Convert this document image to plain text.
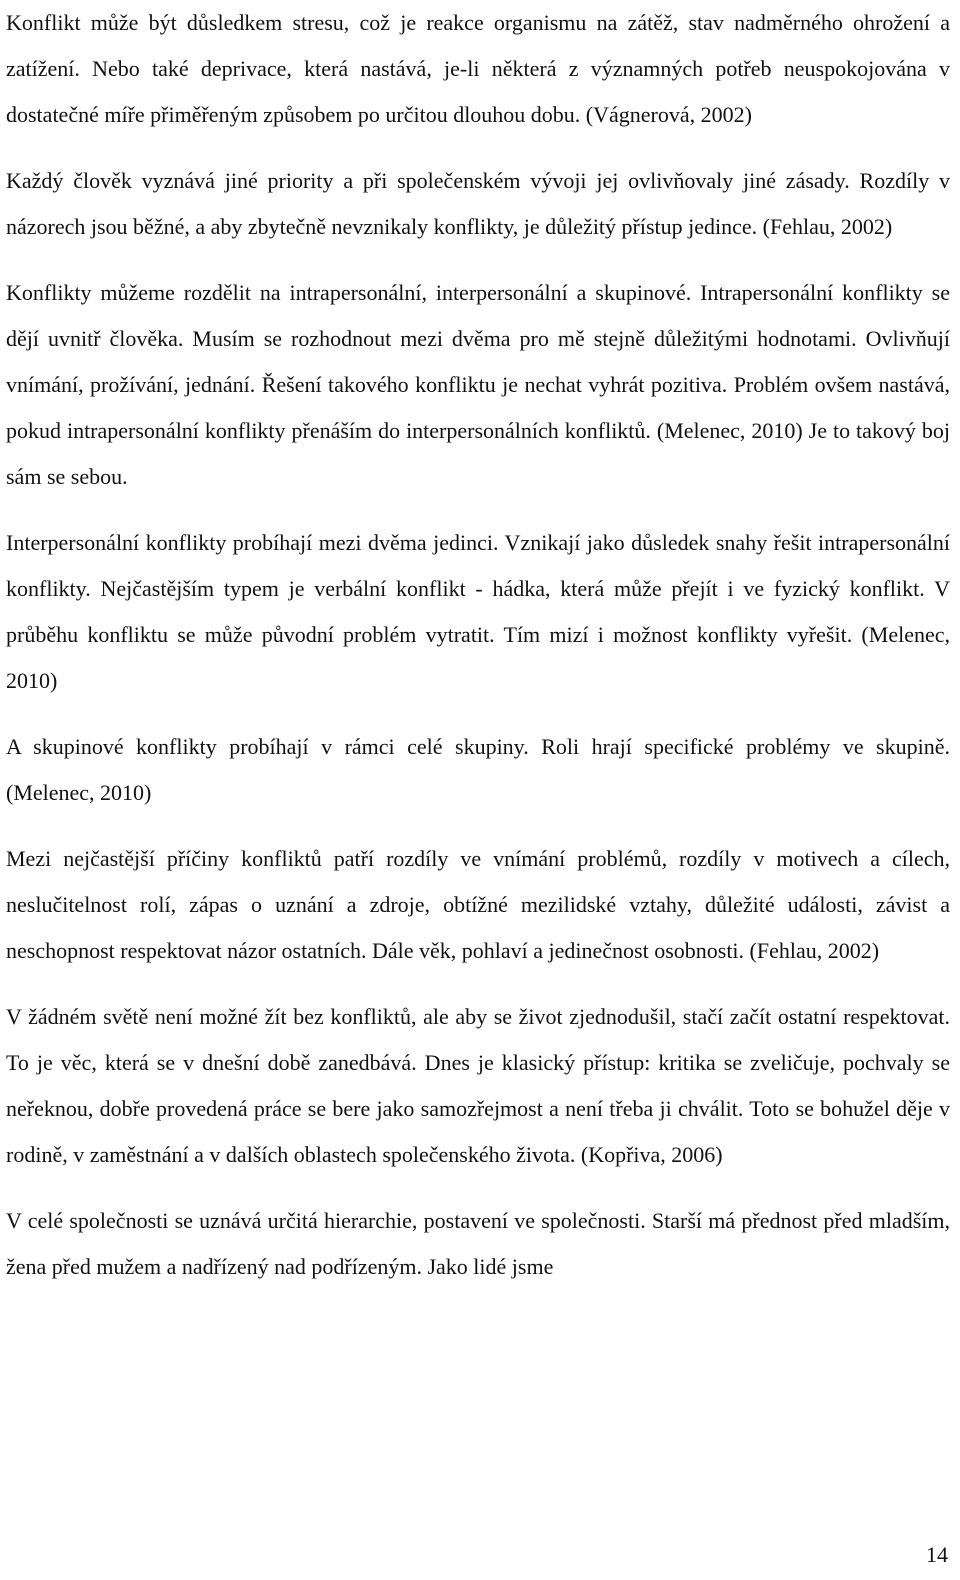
Konflikt může být důsledkem stresu, což je reakce organismu na zátěž, stav nadměrného ohrožení a zatížení. Nebo také deprivace, která nastává, je-li některá z významných potřeb neuspokojována v dostatečné míře přiměřeným způsobem po určitou dlouhou dobu. (Vágnerová, 2002)

Každý člověk vyznává jiné priority a při společenském vývoji jej ovlivňovaly jiné zásady. Rozdíly v názorech jsou běžné, a aby zbytečně nevznikaly konflikty, je důležitý přístup jedince. (Fehlau, 2002)

Konflikty můžeme rozdělit na intrapersonální, interpersonální a skupinové. Intrapersonální konflikty se dějí uvnitř člověka. Musím se rozhodnout mezi dvěma pro mě stejně důležitými hodnotami. Ovlivňují vnímání, prožívání, jednání. Řešení takového konfliktu je nechat vyhrát pozitiva. Problém ovšem nastává, pokud intrapersonální konflikty přenáším do interpersonálních konfliktů. (Melenec, 2010) Je to takový boj sám se sebou.

Interpersonální konflikty probíhají mezi dvěma jedinci. Vznikají jako důsledek snahy řešit intrapersonální konflikty. Nejčastějším typem je verbální konflikt - hádka, která může přejít i ve fyzický konflikt. V průběhu konfliktu se může původní problém vytratit. Tím mizí i možnost konflikty vyřešit. (Melenec, 2010)

A skupinové konflikty probíhají v rámci celé skupiny. Roli hrají specifické problémy ve skupině. (Melenec, 2010)

Mezi nejčastější příčiny konfliktů patří rozdíly ve vnímání problémů, rozdíly v motivech a cílech, neslučitelnost rolí, zápas o uznání a zdroje, obtížné mezilidské vztahy, důležité události, závist a neschopnost respektovat názor ostatních. Dále věk, pohlaví a jedinečnost osobnosti. (Fehlau, 2002)

V žádném světě není možné žít bez konfliktů, ale aby se život zjednodušil, stačí začít ostatní respektovat. To je věc, která se v dnešní době zanedbává. Dnes je klasický přístup: kritika se zveličuje, pochvaly se neřeknou, dobře provedená práce se bere jako samozřejmost a není třeba ji chválit. Toto se bohužel děje v rodině, v zaměstnání a v dalších oblastech společenského života. (Kopřiva, 2006)

V celé společnosti se uznává určitá hierarchie, postavení ve společnosti. Starší má přednost před mladším, žena před mužem a nadřízený nad podřízeným. Jako lidé jsme

14
